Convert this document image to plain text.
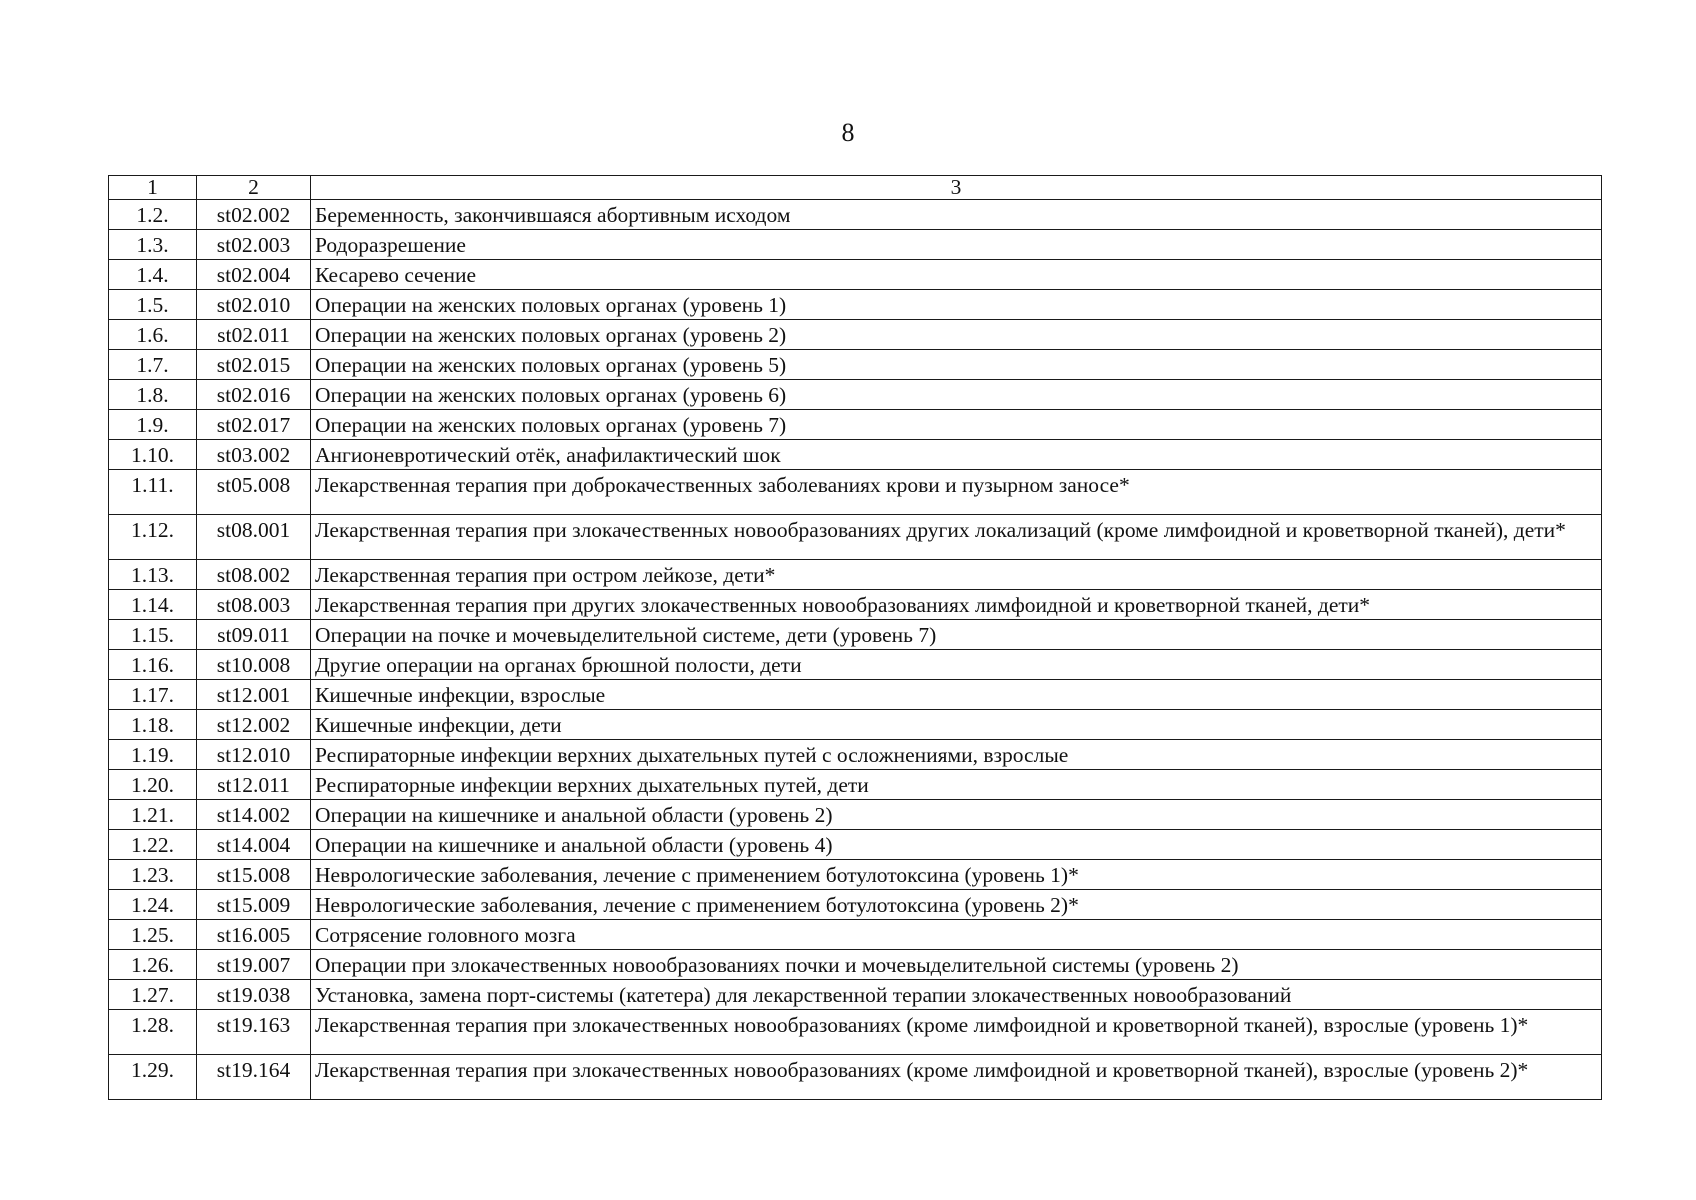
8
1	2	3
1.2.	st02.002	Беременность, закончившаяся абортивным исходом
1.3.	st02.003	Родоразрешение
1.4.	st02.004	Кесарево сечение
1.5.	st02.010	Операции на женских половых органах (уровень 1)
1.6.	st02.011	Операции на женских половых органах (уровень 2)
1.7.	st02.015	Операции на женских половых органах (уровень 5)
1.8.	st02.016	Операции на женских половых органах (уровень 6)
1.9.	st02.017	Операции на женских половых органах (уровень 7)
1.10.	st03.002	Ангионевротический отёк, анафилактический шок
1.11.	st05.008	Лекарственная терапия при доброкачественных заболеваниях крови и пузырном заносе*
1.12.	st08.001	Лекарственная терапия при злокачественных новообразованиях других локализаций (кроме лимфоидной и кроветворной тканей), дети*
1.13.	st08.002	Лекарственная терапия при остром лейкозе, дети*
1.14.	st08.003	Лекарственная терапия при других злокачественных новообразованиях лимфоидной и кроветворной тканей, дети*
1.15.	st09.011	Операции на почке и мочевыделительной системе, дети (уровень 7)
1.16.	st10.008	Другие операции на органах брюшной полости, дети
1.17.	st12.001	Кишечные инфекции, взрослые
1.18.	st12.002	Кишечные инфекции, дети
1.19.	st12.010	Респираторные инфекции верхних дыхательных путей с осложнениями, взрослые
1.20.	st12.011	Респираторные инфекции верхних дыхательных путей, дети
1.21.	st14.002	Операции на кишечнике и анальной области (уровень 2)
1.22.	st14.004	Операции на кишечнике и анальной области (уровень 4)
1.23.	st15.008	Неврологические заболевания, лечение с применением ботулотоксина (уровень 1)*
1.24.	st15.009	Неврологические заболевания, лечение с применением ботулотоксина (уровень 2)*
1.25.	st16.005	Сотрясение головного мозга
1.26.	st19.007	Операции при злокачественных новообразованиях почки и мочевыделительной системы (уровень 2)
1.27.	st19.038	Установка, замена порт-системы (катетера) для лекарственной терапии злокачественных новообразований
1.28.	st19.163	Лекарственная терапия при злокачественных новообразованиях (кроме лимфоидной и кроветворной тканей), взрослые (уровень 1)*
1.29.	st19.164	Лекарственная терапия при злокачественных новообразованиях (кроме лимфоидной и кроветворной тканей), взрослые (уровень 2)*
